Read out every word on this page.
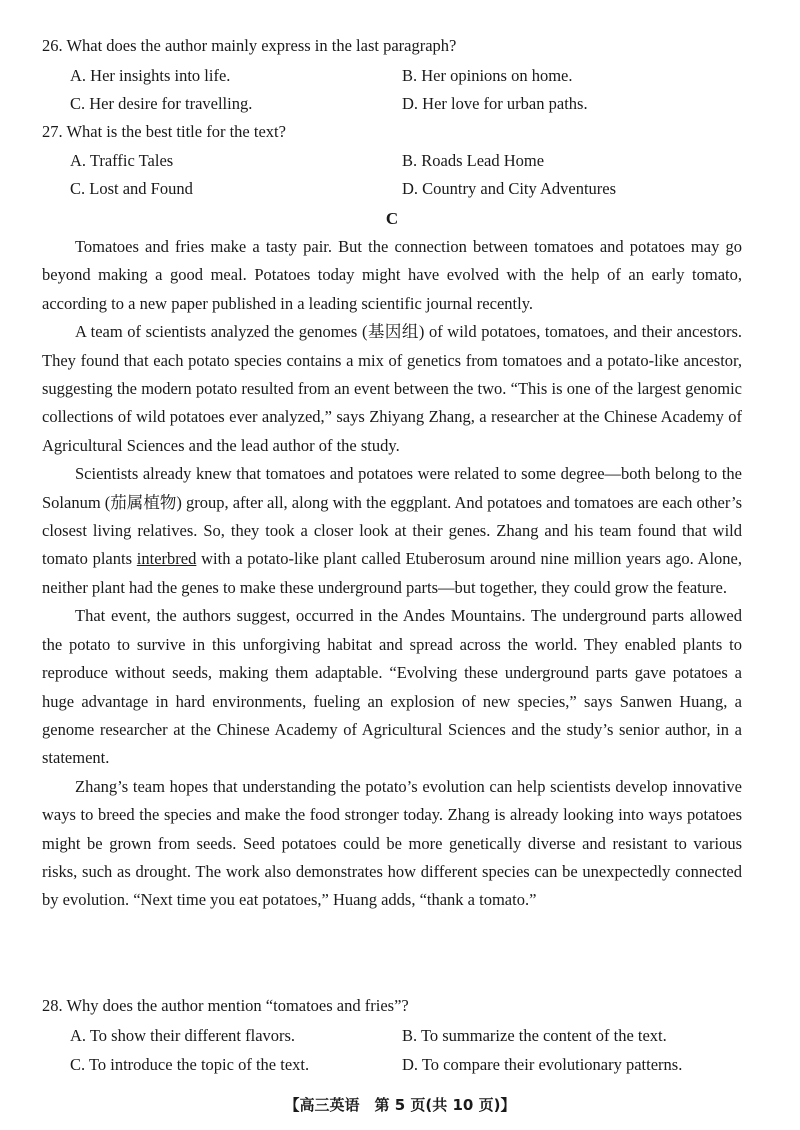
26. What does the author mainly express in the last paragraph?
A. Her insights into life.	B. Her opinions on home.
C. Her desire for travelling.	D. Her love for urban paths.
27. What is the best title for the text?
A. Traffic Tales	B. Roads Lead Home
C. Lost and Found	D. Country and City Adventures
C

Tomatoes and fries make a tasty pair. But the connection between tomatoes and potatoes may go beyond making a good meal. Potatoes today might have evolved with the help of an early tomato, according to a new paper published in a leading scientific journal recently.

A team of scientists analyzed the genomes (基因组) of wild potatoes, tomatoes, and their ancestors. They found that each potato species contains a mix of genetics from tomatoes and a potato-like ancestor, suggesting the modern potato resulted from an event between the two. “This is one of the largest genomic collections of wild potatoes ever analyzed,” says Zhiyang Zhang, a researcher at the Chinese Academy of Agricultural Sciences and the lead author of the study.

Scientists already knew that tomatoes and potatoes were related to some degree—both belong to the Solanum (茄属植物) group, after all, along with the eggplant. And potatoes and tomatoes are each other’s closest living relatives. So, they took a closer look at their genes. Zhang and his team found that wild tomato plants interbred with a potato-like plant called Etuberosum around nine million years ago. Alone, neither plant had the genes to make these underground parts—but together, they could grow the feature.

That event, the authors suggest, occurred in the Andes Mountains. The underground parts allowed the potato to survive in this unforgiving habitat and spread across the world. They enabled plants to reproduce without seeds, making them adaptable. “Evolving these underground parts gave potatoes a huge advantage in hard environments, fueling an explosion of new species,” says Sanwen Huang, a genome researcher at the Chinese Academy of Agricultural Sciences and the study’s senior author, in a statement.

Zhang’s team hopes that understanding the potato’s evolution can help scientists develop innovative ways to breed the species and make the food stronger today. Zhang is already looking into ways potatoes might be grown from seeds. Seed potatoes could be more genetically diverse and resistant to various risks, such as drought. The work also demonstrates how different species can be unexpectedly connected by evolution. “Next time you eat potatoes,” Huang adds, “thank a tomato.”

28. Why does the author mention “tomatoes and fries”?
A. To show their different flavors.	B. To summarize the content of the text.
C. To introduce the topic of the text.	D. To compare their evolutionary patterns.
【高三英语　第 5 页(共 10 页)】
